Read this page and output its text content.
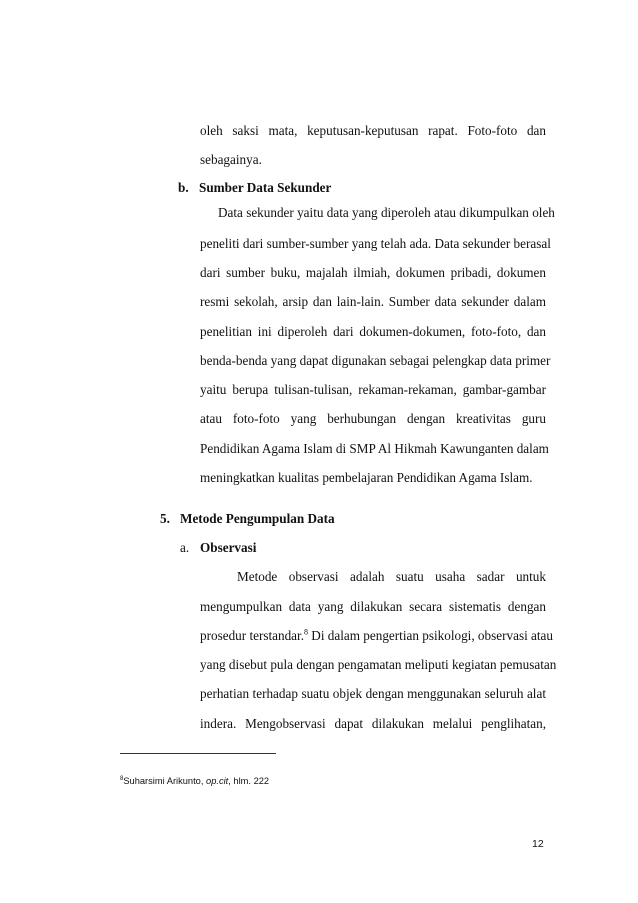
oleh saksi mata, keputusan-keputusan rapat. Foto-foto dan
sebagainya.
b. Sumber Data Sekunder
Data sekunder yaitu data yang diperoleh atau dikumpulkan oleh
peneliti dari sumber-sumber yang telah ada. Data sekunder berasal
dari sumber buku, majalah ilmiah, dokumen pribadi, dokumen
resmi sekolah, arsip dan lain-lain. Sumber data sekunder dalam
penelitian ini diperoleh dari dokumen-dokumen, foto-foto, dan
benda-benda yang dapat digunakan sebagai pelengkap data primer
yaitu berupa tulisan-tulisan, rekaman-rekaman, gambar-gambar
atau foto-foto yang berhubungan dengan kreativitas guru
Pendidikan Agama Islam di SMP Al Hikmah Kawunganten dalam
meningkatkan kualitas pembelajaran Pendidikan Agama Islam.
5. Metode Pengumpulan Data
a. Observasi
Metode observasi adalah suatu usaha sadar untuk
mengumpulkan data yang dilakukan secara sistematis dengan
prosedur terstandar.$^8$ Di dalam pengertian psikologi, observasi atau
yang disebut pula dengan pengamatan meliputi kegiatan pemusatan
perhatian terhadap suatu objek dengan menggunakan seluruh alat
indera. Mengobservasi dapat dilakukan melalui penglihatan,
$^8$Suharsimi Arikunto, op.cit, hlm. 222
12
